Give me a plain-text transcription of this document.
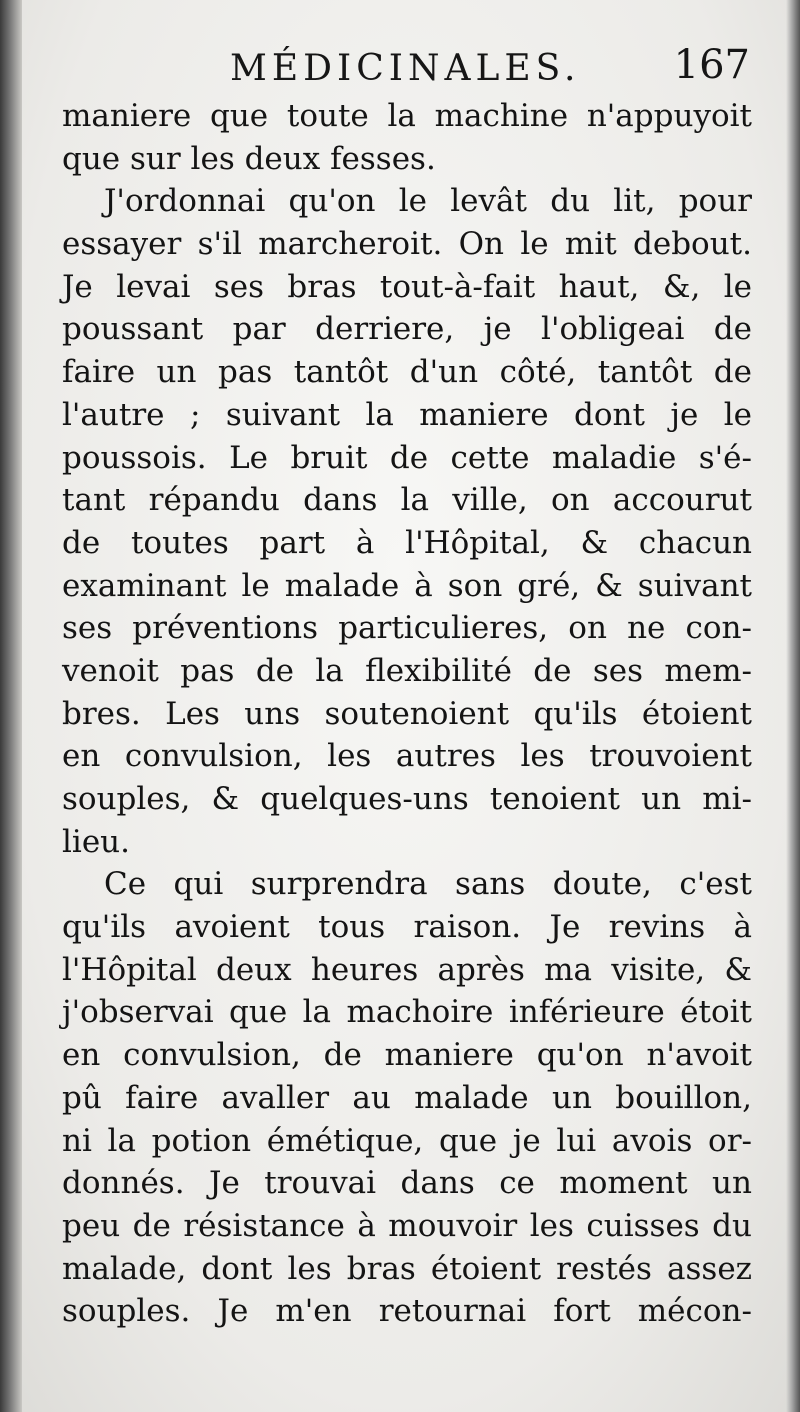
MÉDICINALES. 167
maniere que toute la machine n'appuyoit
que sur les deux fesses.
J'ordonnai qu'on le levât du lit, pour
essayer s'il marcheroit. On le mit debout.
Je levai ses bras tout-à-fait haut, &, le
poussant par derriere, je l'obligeai de
faire un pas tantôt d'un côté, tantôt de
l'autre ; suivant la maniere dont je le
poussois. Le bruit de cette maladie s'é-
tant répandu dans la ville, on accourut
de toutes part à l'Hôpital, & chacun
examinant le malade à son gré, & suivant
ses préventions particulieres, on ne con-
venoit pas de la flexibilité de ses mem-
bres. Les uns soutenoient qu'ils étoient
en convulsion, les autres les trouvoient
souples, & quelques-uns tenoient un mi-
lieu.
Ce qui surprendra sans doute, c'est
qu'ils avoient tous raison. Je revins à
l'Hôpital deux heures après ma visite, &
j'observai que la machoire inférieure étoit
en convulsion, de maniere qu'on n'avoit
pû faire avaller au malade un bouillon,
ni la potion émétique, que je lui avois or-
donnés. Je trouvai dans ce moment un
peu de résistance à mouvoir les cuisses du
malade, dont les bras étoient restés assez
souples. Je m'en retournai fort mécon-
